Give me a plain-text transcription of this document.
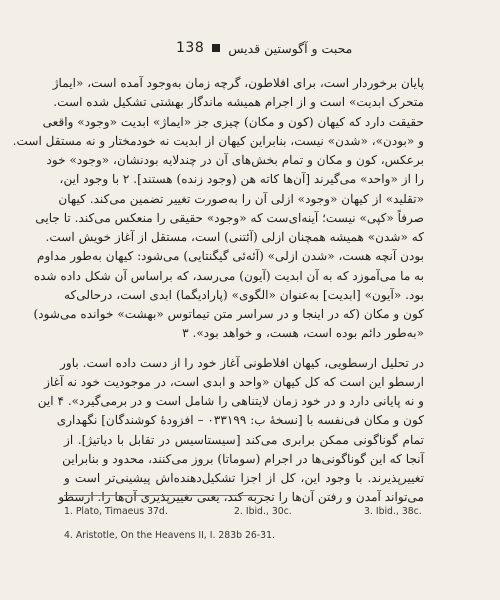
138 محبت و آگوستین قدیس
پایان برخوردار است، برای افلاطون، گرچه زمان به‌وجود آمده است، «ایماژ
متحرک ابدیت» است و از اجرام همیشه ماندگار بهشتی تشکیل شده است.
حقیقت دارد که کیهان (کون و مکان) چیزی جز «ایماژ» ابدیت «وجود» واقعی
و «بودن»، «شدن» نیست، بنابراین کیهان از ابدیت نه خودمختار و نه مستقل است.
برعکس، کون و مکان و تمام بخش‌های آن در چندلایه بودنشان، «وجود» خود
را از «واحد» می‌گیرند [آن‌ها کاته هن (وجود زنده) هستند]. ۲ با وجود این،
«تقلید» از کیهان «وجود» ازلی آن را به‌صورت تغییر تضمین می‌کند. کیهان
صرفاً «کپی» نیست؛ آینه‌ای‌ست که «وجود» حقیقی را منعکس می‌کند. تا جایی
که «شدن» همیشه همچنان ازلی (آئتنی) است، مستقل از آغاز خویش است.
بودن آنچه هست، «شدن ازلی» (آئه‌ئی گیگنتایی) می‌شود: کیهان به‌طور مداوم
به ما می‌آموزد که به آن ابدیت (آیون) می‌رسد، که براساس آن شکل داده شده
بود. «آیون» [ابدیت] به‌عنوان «الگوی» (پارادیگما) ابدی است، درحالی‌که
کون و مکان (که در اینجا و در سراسر متن تیماتوس «بهشت» خوانده می‌شود)
«به‌طور دائم بوده است، هست، و خواهد بود». ۳
در تحلیل ارسطویی، کیهان افلاطونی آغاز خود را از دست داده است. باور
ارسطو این است که کل کیهان «واحد و ابدی است، در موجودیت خود نه آغاز
و نه پایانی دارد و در خود زمان لایتناهی را شامل است و در برمی‌گیرد». ۴ این
کون و مکان فی‌نفسه با [نسخهٔ ب: ۰۳۳۱۹۹ – افزودهٔ کوشندگان] نگهداری
تمام گوناگونی ممکن برابری می‌کند [سیستاسیس در تقابل با دیاتیژ]. از
آنجا که این گوناگونی‌ها در اجرام (سوماتا) بروز می‌کنند، محدود و بنابراین
تغییرپذیرند. با وجود این، کل از اجزا تشکیل‌دهنده‌اش پیشینی‌تر است و
می‌تواند آمدن و رفتن آن‌ها را تجربه کند، یعنی تغییرپذیری آن‌ها را. ارسطو
1. Plato, Timaeus 37d.	2. Ibid., 30c.	3. Ibid., 38c.
4. Aristotle, On the Heavens II, I. 283b 26-31.
